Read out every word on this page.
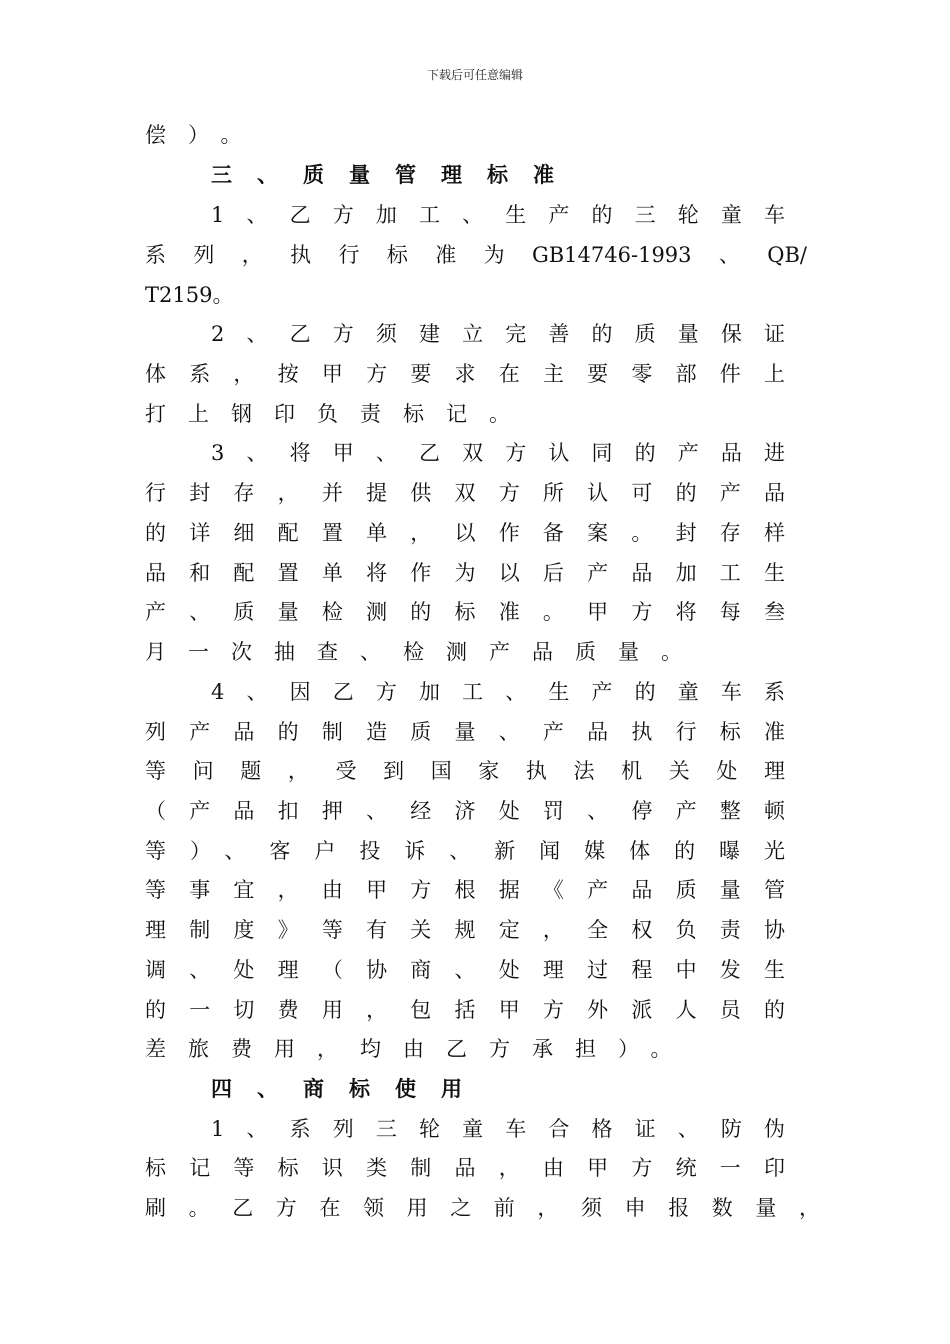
下载后可任意编辑
偿）。
三、质量管理标准
1、乙方加工、生产的三轮童车
系列，执行标准为GB14746-1993、QB/
T2159。
2、乙方须建立完善的质量保证
体系，按甲方要求在主要零部件上
打上钢印负责标记。
3、将甲、乙双方认同的产品进
行封存，并提供双方所认可的产品
的详细配置单，以作备案。封存样
品和配置单将作为以后产品加工生
产、质量检测的标准。甲方将每叁
月一次抽查、检测产品质量。
4、因乙方加工、生产的童车系
列产品的制造质量、产品执行标准
等问题，受到国家执法机关处理
（产品扣押、经济处罚、停产整顿
等）、客户投诉、新闻媒体的曝光
等事宜，由甲方根据《产品质量管
理制度》等有关规定，全权负责协
调、处理（协商、处理过程中发生
的一切费用，包括甲方外派人员的
差旅费用，均由乙方承担）。
四、商标使用
1、系列三轮童车合格证、防伪
标记等标识类制品，由甲方统一印
刷。乙方在领用之前，须申报数量，
